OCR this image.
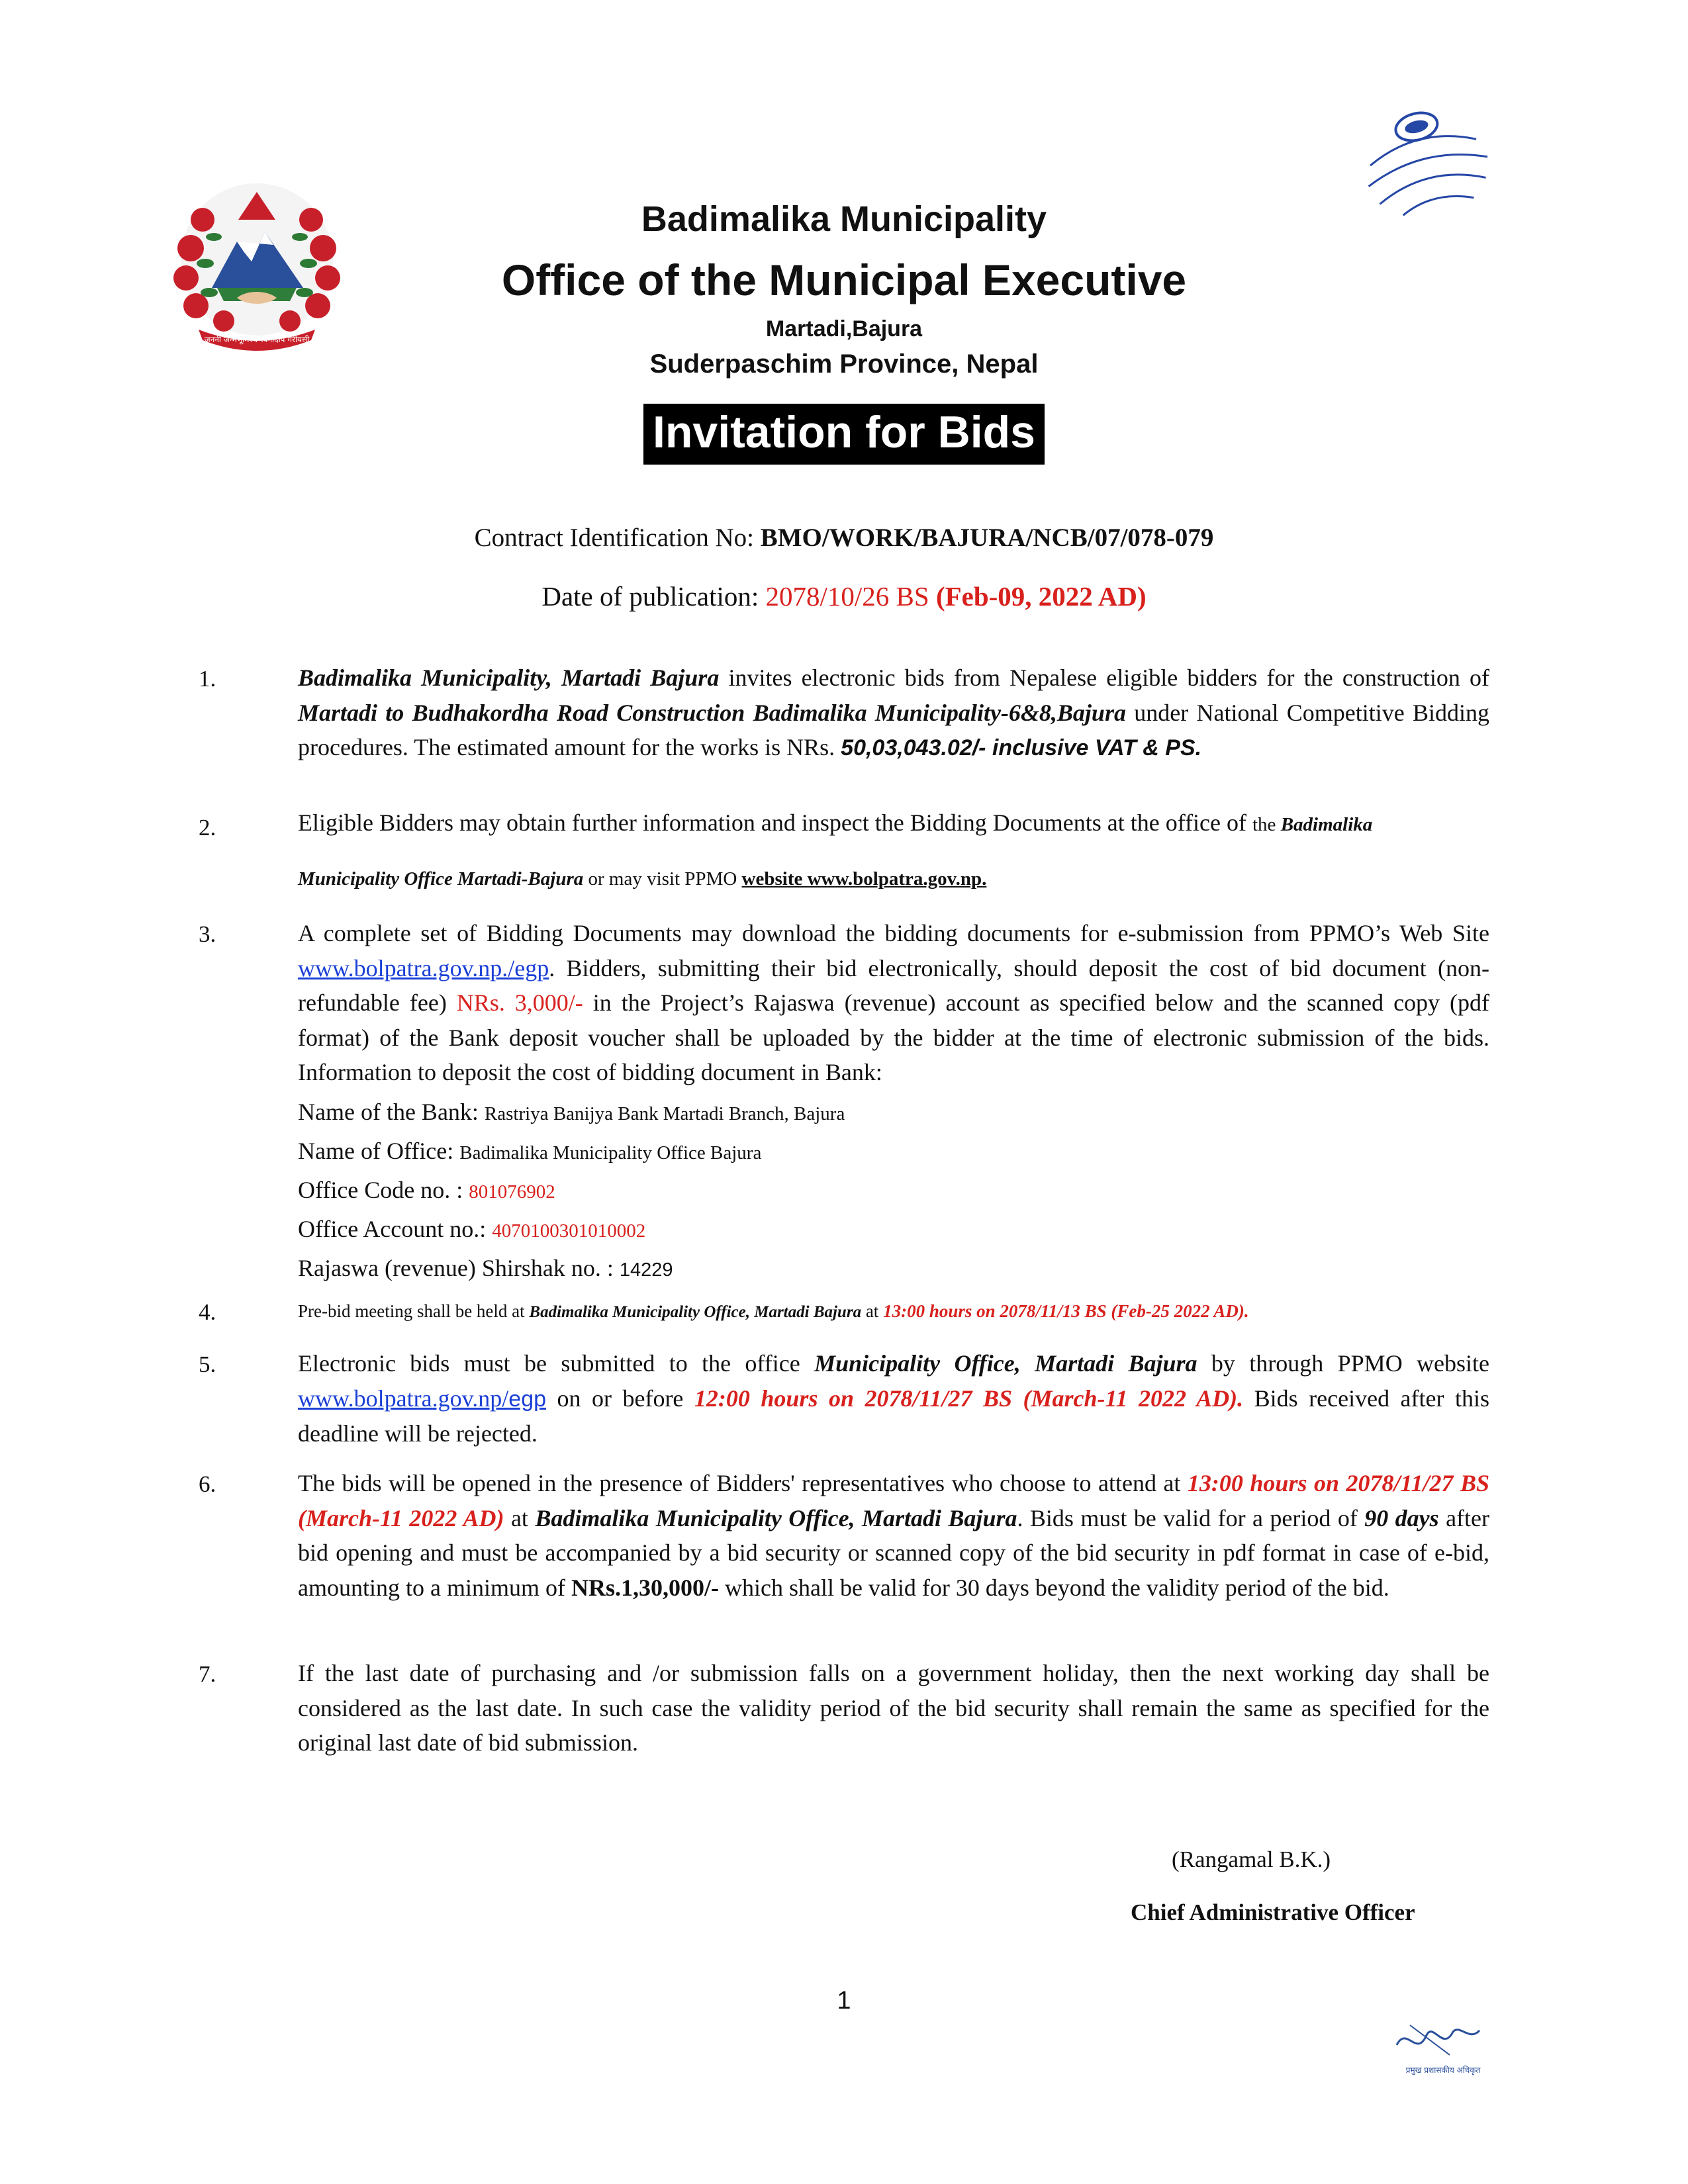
जननी जन्मभूमिश्च स्वर्गादपि गरीयसी
बडिमालिका नगरकार्यपालिकाको कार्यालय मार्तडी, बाजुरा सुदूरपश्चिम प्रदेश २०७३
Badimalika Municipality
Office of the Municipal Executive
Martadi,Bajura
Suderpaschim Province, Nepal
Invitation for Bids
Contract Identification No: BMO/WORK/BAJURA/NCB/07/078-079
Date of publication: 2078/10/26 BS (Feb-09, 2022 AD)
1.	Badimalika Municipality, Martadi Bajura invites electronic bids from Nepalese eligible bidders for the construction of Martadi to Budhakordha Road Construction Badimalika Municipality-6&8,Bajura under National Competitive Bidding procedures. The estimated amount for the works is NRs. 50,03,043.02/- inclusive VAT & PS.
2.	Eligible Bidders may obtain further information and inspect the Bidding Documents at the office of the Badimalika
Municipality Office Martadi-Bajura or may visit PPMO website www.bolpatra.gov.np.
3.	A complete set of Bidding Documents may download the bidding documents for e-submission from PPMO’s Web Site www.bolpatra.gov.np./egp. Bidders, submitting their bid electronically, should deposit the cost of bid document (non-refundable fee) NRs. 3,000/- in the Project’s Rajaswa (revenue) account as specified below and the scanned copy (pdf format) of the Bank deposit voucher shall be uploaded by the bidder at the time of electronic submission of the bids. Information to deposit the cost of bidding document in Bank:
Name of the Bank: Rastriya Banijya Bank Martadi Branch, Bajura
Name of Office: Badimalika Municipality Office Bajura
Office Code no. : 801076902
Office Account no.: 4070100301010002
Rajaswa (revenue) Shirshak no. : 14229
4.	Pre-bid meeting shall be held at Badimalika Municipality Office, Martadi Bajura at 13:00 hours on 2078/11/13 BS (Feb-25 2022 AD).
5.	Electronic bids must be submitted to the office Municipality Office, Martadi Bajura by through PPMO website www.bolpatra.gov.np/egp on or before 12:00 hours on 2078/11/27 BS (March-11 2022 AD). Bids received after this deadline will be rejected.
6.	The bids will be opened in the presence of Bidders' representatives who choose to attend at 13:00 hours on 2078/11/27 BS (March-11 2022 AD) at Badimalika Municipality Office, Martadi Bajura. Bids must be valid for a period of 90 days after bid opening and must be accompanied by a bid security or scanned copy of the bid security in pdf format in case of e-bid, amounting to a minimum of NRs.1,30,000/- which shall be valid for 30 days beyond the validity period of the bid.
7.	If the last date of purchasing and /or submission falls on a government holiday, then the next working day shall be considered as the last date. In such case the validity period of the bid security shall remain the same as specified for the original last date of bid submission.
(Rangamal B.K.)
Chief Administrative Officer
1
प्रमुख प्रशासकीय अधिकृत
